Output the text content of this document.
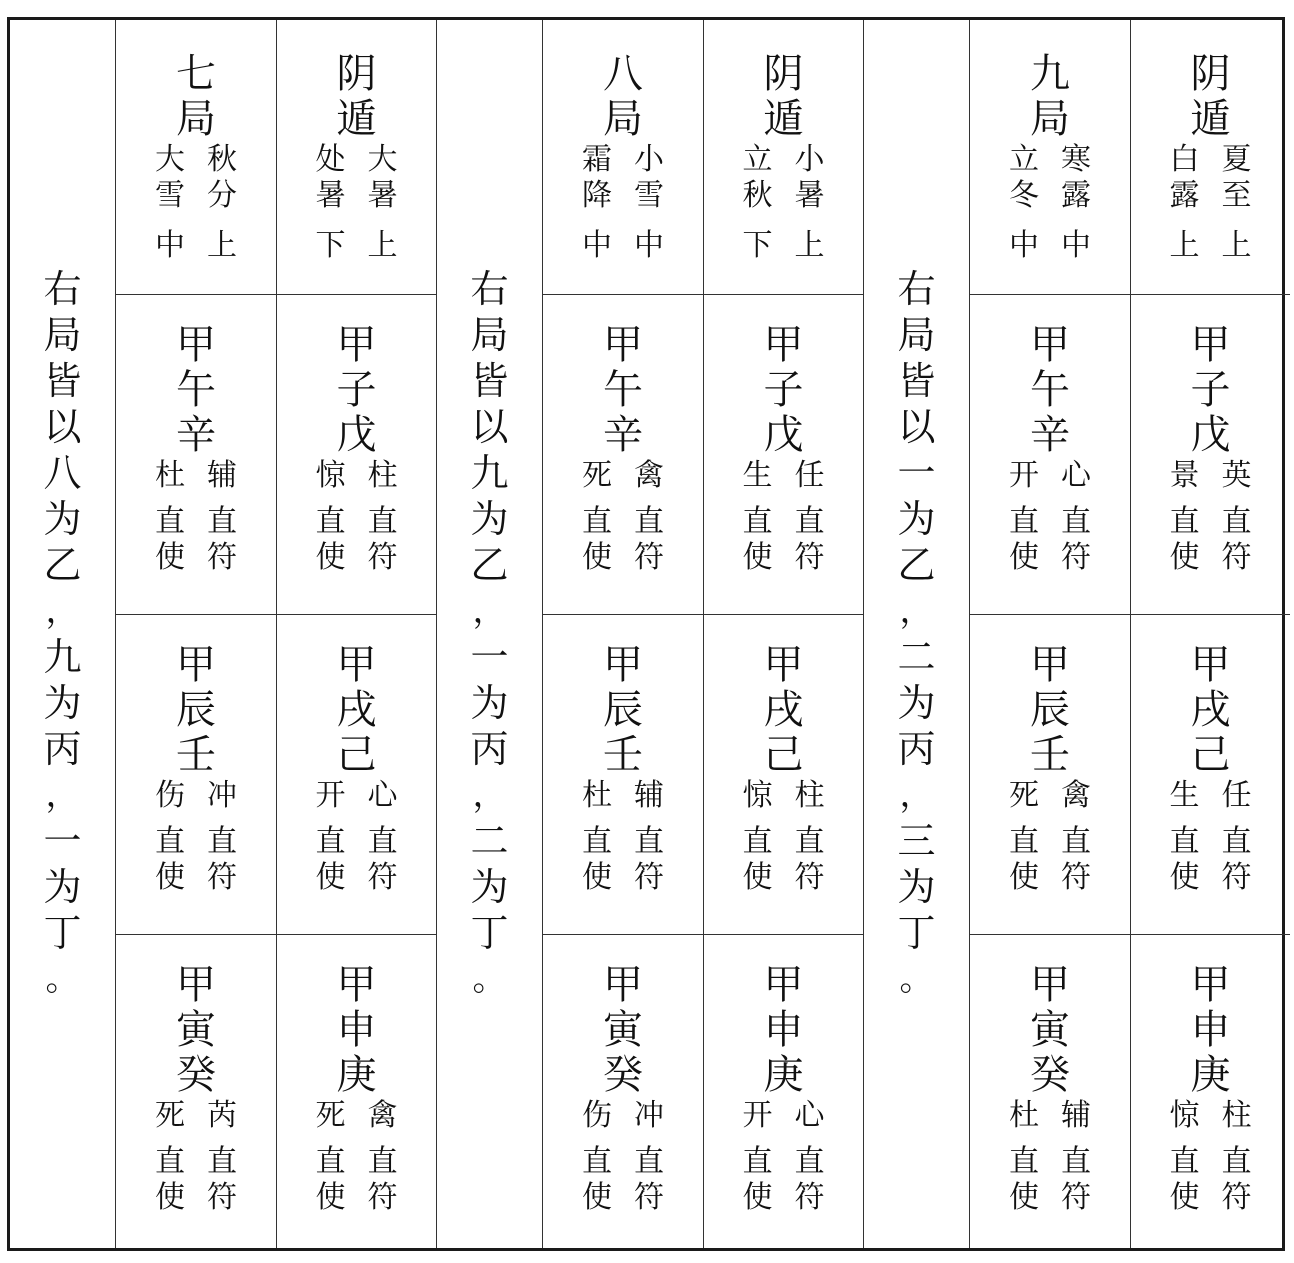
右
局
皆
以
八
为
乙
，
九
为
丙
，
一
为
丁
。
七
局
大 秋
雪 分
中 上
甲
午
辛
杜 辅
直 直
使 符
甲
辰
壬
伤 冲
直 直
使 符
甲
寅
癸
死 芮
直 直
使 符
阴
遁
处 大
暑 暑
下 上
甲
子
戊
惊 柱
直 直
使 符
甲
戌
己
开 心
直 直
使 符
甲
申
庚
死 禽
直 直
使 符
右
局
皆
以
九
为
乙
，
一
为
丙
，
二
为
丁
。
八
局
霜 小
降 雪
中 中
甲
午
辛
死 禽
直 直
使 符
甲
辰
壬
杜 辅
直 直
使 符
甲
寅
癸
伤 冲
直 直
使 符
阴
遁
立 小
秋 暑
下 上
甲
子
戊
生 任
直 直
使 符
甲
戌
己
惊 柱
直 直
使 符
甲
申
庚
开 心
直 直
使 符
右
局
皆
以
一
为
乙
，
二
为
丙
，
三
为
丁
。
九
局
立 寒
冬 露
中 中
甲
午
辛
开 心
直 直
使 符
甲
辰
壬
死 禽
直 直
使 符
甲
寅
癸
杜 辅
直 直
使 符
阴
遁
白 夏
露 至
上 上
甲
子
戊
景 英
直 直
使 符
甲
戌
己
生 任
直 直
使 符
甲
申
庚
惊 柱
直 直
使 符
